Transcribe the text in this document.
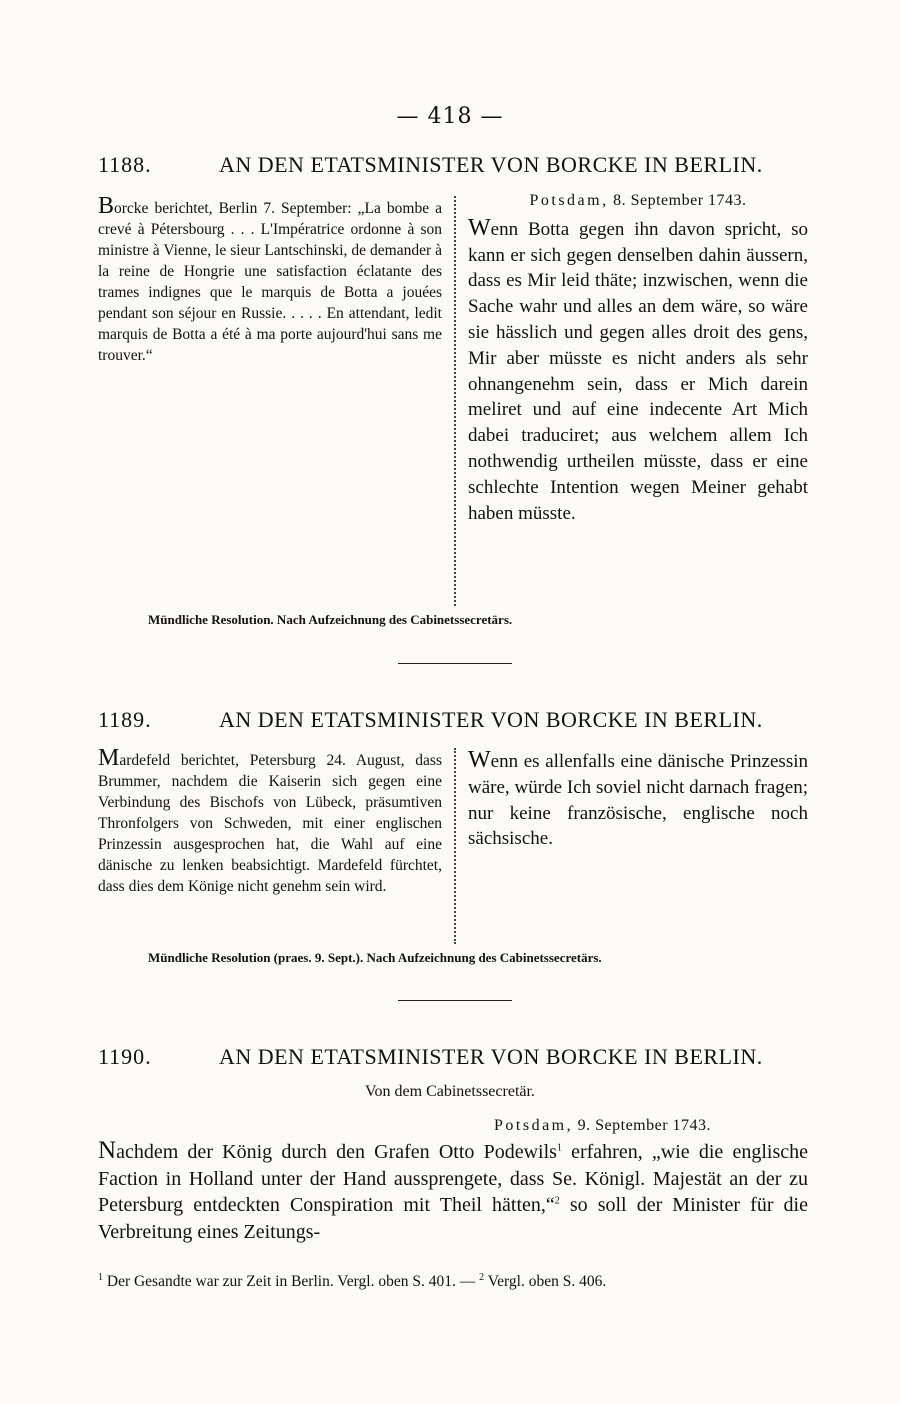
— 418 —
1188.	AN DEN ETATSMINISTER VON BORCKE IN BERLIN.
Borcke berichtet, Berlin 7. September: „La bombe a crevé à Pétersbourg . . . L'Impératrice ordonne à son ministre à Vienne, le sieur Lantschinski, de demander à la reine de Hongrie une satisfaction éclatante des trames indignes que le marquis de Botta a jouées pendant son séjour en Russie. . . . . En attendant, ledit marquis de Botta a été à ma porte aujourd'hui sans me trouver.“
Potsdam, 8. September 1743.
Wenn Botta gegen ihn davon spricht, so kann er sich gegen denselben dahin äussern, dass es Mir leid thäte; inzwischen, wenn die Sache wahr und alles an dem wäre, so wäre sie hässlich und gegen alles droit des gens, Mir aber müsste es nicht anders als sehr ohnangenehm sein, dass er Mich darein meliret und auf eine indecente Art Mich dabei traduciret; aus welchem allem Ich nothwendig urtheilen müsste, dass er eine schlechte Intention wegen Meiner gehabt haben müsste.
Mündliche Resolution. Nach Aufzeichnung des Cabinetssecretärs.
1189.	AN DEN ETATSMINISTER VON BORCKE IN BERLIN.
Mardefeld berichtet, Petersburg 24. August, dass Brummer, nachdem die Kaiserin sich gegen eine Verbindung des Bischofs von Lübeck, präsumtiven Thronfolgers von Schweden, mit einer englischen Prinzessin ausgesprochen hat, die Wahl auf eine dänische zu lenken beabsichtigt. Mardefeld fürchtet, dass dies dem Könige nicht genehm sein wird.
Wenn es allenfalls eine dänische Prinzessin wäre, würde Ich soviel nicht darnach fragen; nur keine französische, englische noch sächsische.
Mündliche Resolution (praes. 9. Sept.). Nach Aufzeichnung des Cabinetssecretärs.
1190.	AN DEN ETATSMINISTER VON BORCKE IN BERLIN.
Von dem Cabinetssecretär.
Potsdam, 9. September 1743.
Nachdem der König durch den Grafen Otto Podewils$^1$ erfahren, „wie die englische Faction in Holland unter der Hand aussprengete, dass Se. Königl. Majestät an der zu Petersburg entdeckten Conspiration mit Theil hätten,“$^2$ so soll der Minister für die Verbreitung eines Zeitungs-
$^1$ Der Gesandte war zur Zeit in Berlin. Vergl. oben S. 401. — $^2$ Vergl. oben S. 406.
